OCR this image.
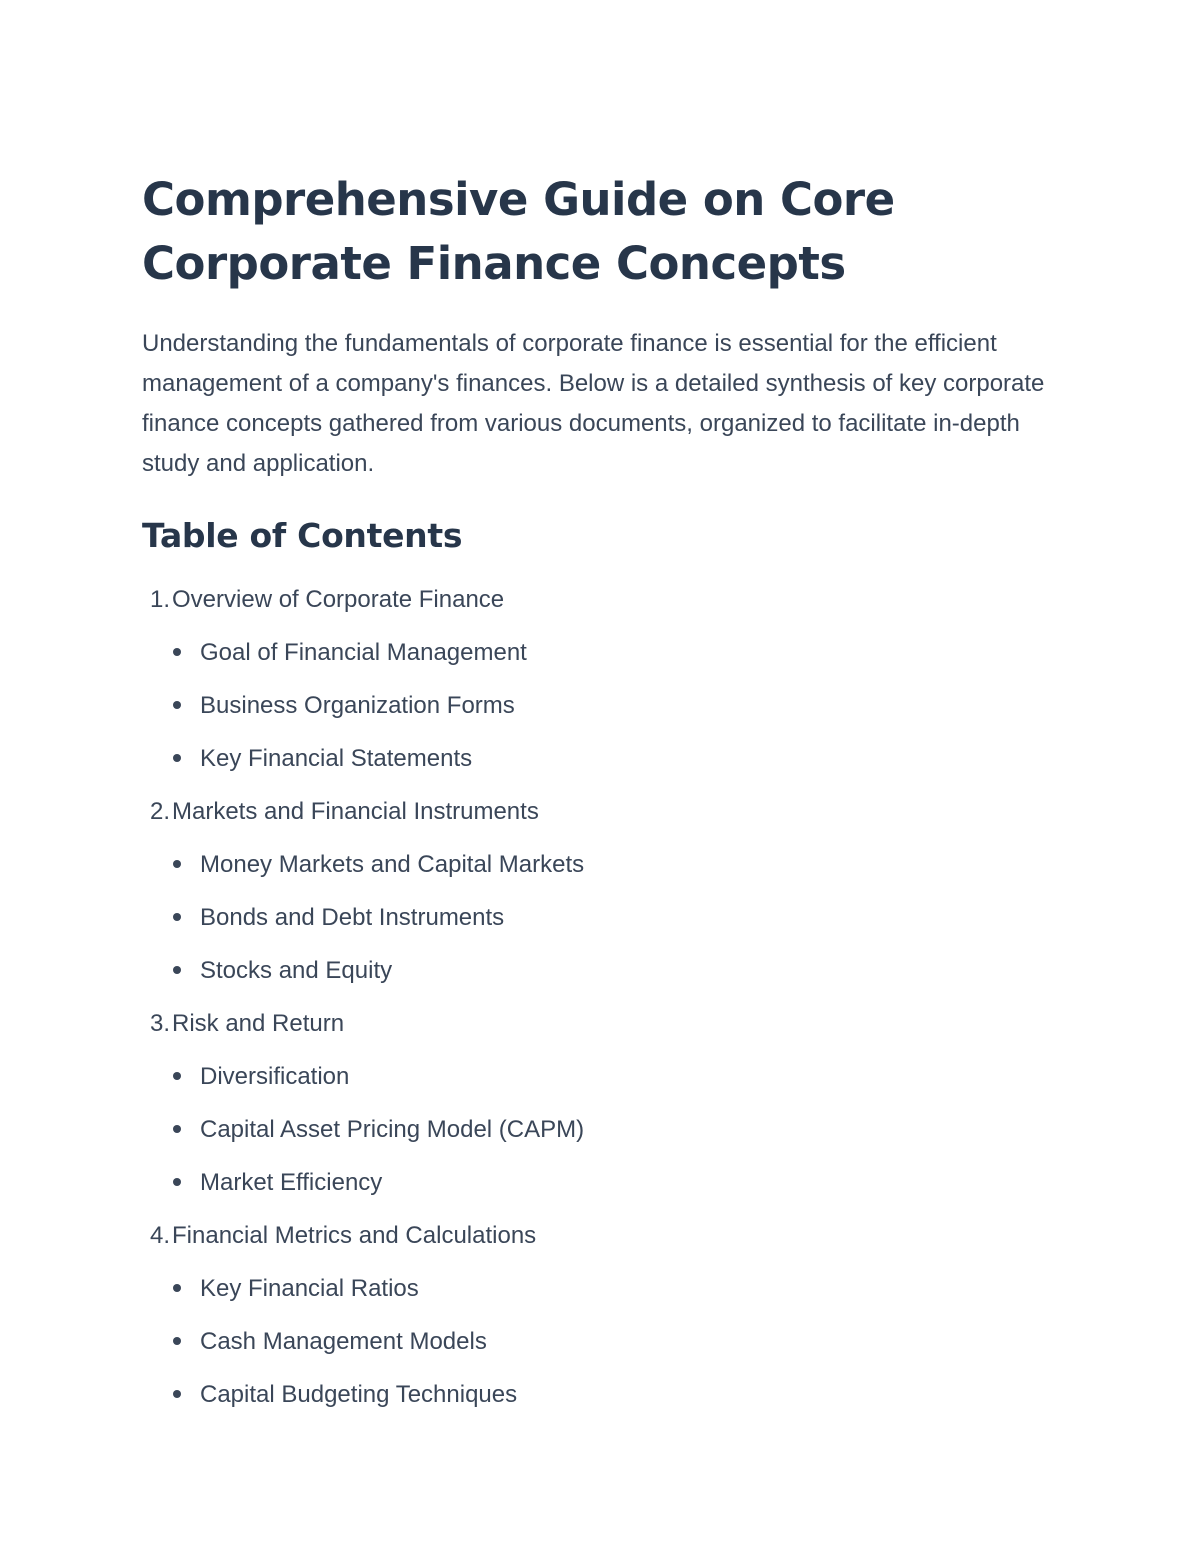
Comprehensive Guide on Core Corporate Finance Concepts

Understanding the fundamentals of corporate finance is essential for the efficient management of a company's finances. Below is a detailed synthesis of key corporate finance concepts gathered from various documents, organized to facilitate in-depth study and application.

Table of Contents
1. Overview of Corporate Finance
Goal of Financial Management
Business Organization Forms
Key Financial Statements
2. Markets and Financial Instruments
Money Markets and Capital Markets
Bonds and Debt Instruments
Stocks and Equity
3. Risk and Return
Diversification
Capital Asset Pricing Model (CAPM)
Market Efficiency
4. Financial Metrics and Calculations
Key Financial Ratios
Cash Management Models
Capital Budgeting Techniques
